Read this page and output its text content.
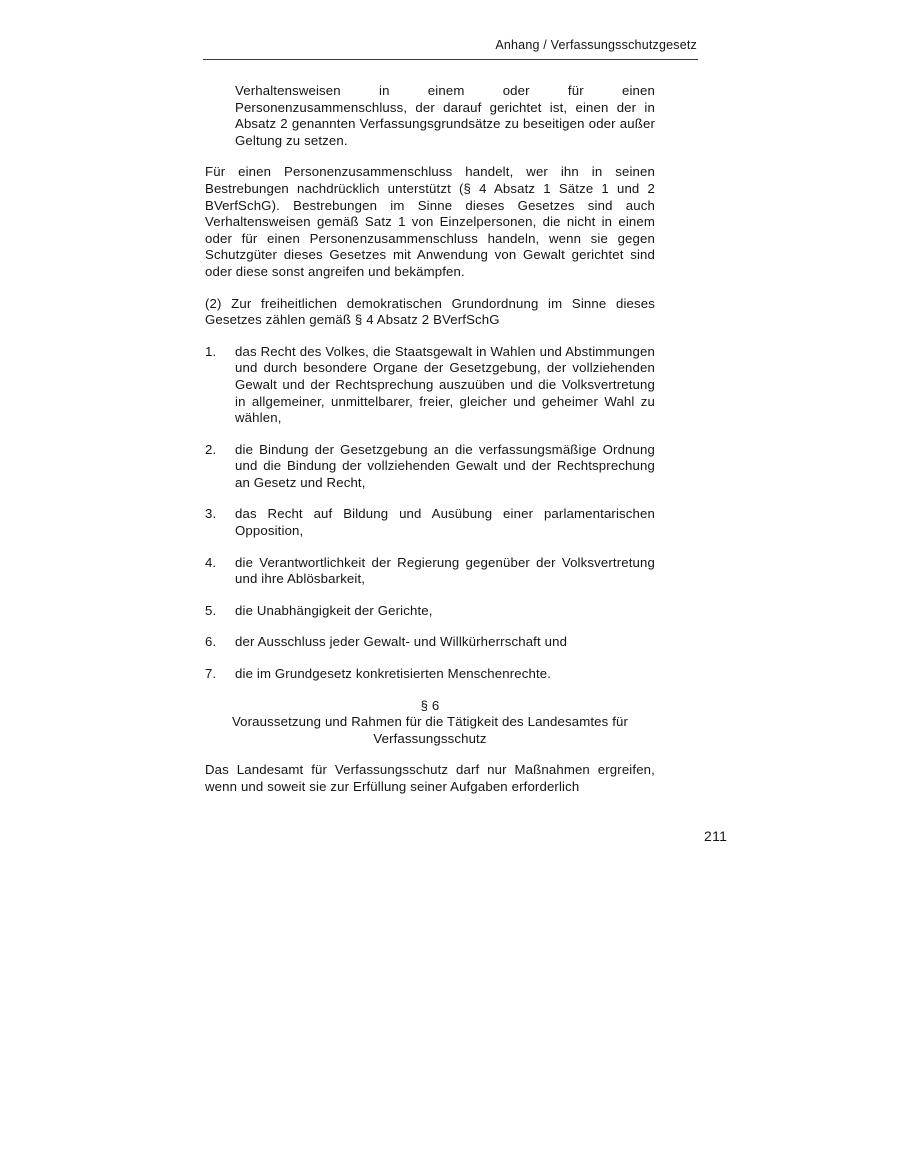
Anhang / Verfassungsschutzgesetz

Verhaltensweisen in einem oder für einen Personenzusammenschluss, der darauf gerichtet ist, einen der in Absatz 2 genannten Verfassungsgrundsätze zu beseitigen oder außer Geltung zu setzen.

Für einen Personenzusammenschluss handelt, wer ihn in seinen Bestrebungen nachdrücklich unterstützt (§ 4 Absatz 1 Sätze 1 und 2 BVerfSchG). Bestrebungen im Sinne dieses Gesetzes sind auch Verhaltensweisen gemäß Satz 1 von Einzelpersonen, die nicht in einem oder für einen Personenzusammenschluss handeln, wenn sie gegen Schutzgüter dieses Gesetzes mit Anwendung von Gewalt gerichtet sind oder diese sonst angreifen und bekämpfen.

(2) Zur freiheitlichen demokratischen Grundordnung im Sinne dieses Gesetzes zählen gemäß § 4 Absatz 2 BVerfSchG

1.	das Recht des Volkes, die Staatsgewalt in Wahlen und Abstimmungen und durch besondere Organe der Gesetzgebung, der vollziehenden Gewalt und der Rechtsprechung auszuüben und die Volksvertretung in allgemeiner, unmittelbarer, freier, gleicher und geheimer Wahl zu wählen,
2.	die Bindung der Gesetzgebung an die verfassungsmäßige Ordnung und die Bindung der vollziehenden Gewalt und der Rechtsprechung an Gesetz und Recht,
3.	das Recht auf Bildung und Ausübung einer parlamentarischen Opposition,
4.	die Verantwortlichkeit der Regierung gegenüber der Volksvertretung und ihre Ablösbarkeit,
5.	die Unabhängigkeit der Gerichte,
6.	der Ausschluss jeder Gewalt- und Willkürherrschaft und
7.	die im Grundgesetz konkretisierten Menschenrechte.
§ 6
Voraussetzung und Rahmen für die Tätigkeit des Landesamtes für Verfassungsschutz

Das Landesamt für Verfassungsschutz darf nur Maßnahmen ergreifen, wenn und soweit sie zur Erfüllung seiner Aufgaben erforderlich

211
